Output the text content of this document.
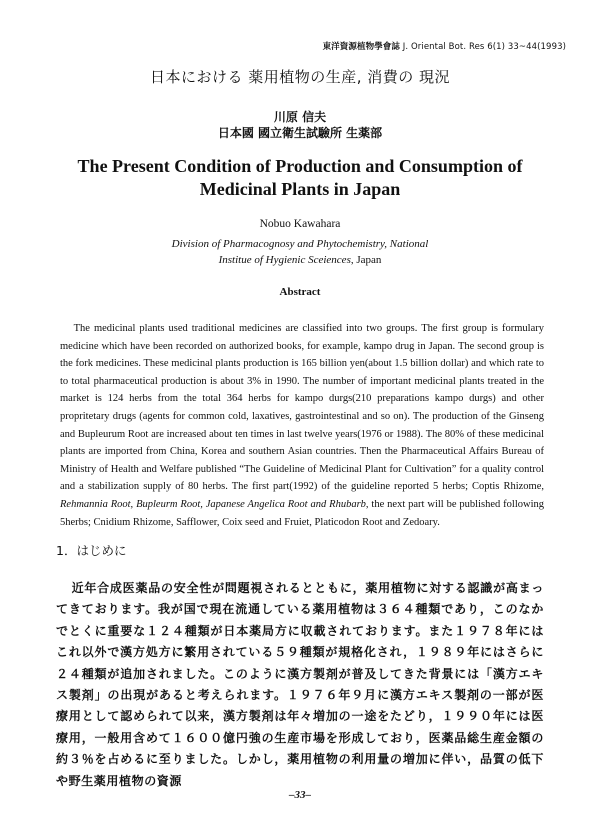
東洋資源植物學會誌 J. Oriental Bot. Res 6(1) 33~44(1993)
日本における 薬用植物の生産, 消費の 現況
川原 信夫
日本國 國立衛生試驗所 生薬部
The Present Condition of Production and Consumption of
Medicinal Plants in Japan
Nobuo Kawahara
Division of Pharmacognosy and Phytochemistry, National
Institue of Hygienic Sceiences, Japan
Abstract
The medicinal plants used traditional medicines are classified into two groups. The first group is formulary medicine which have been recorded on authorized books, for example, kampo drug in Japan. The second group is the fork medicines. These medicinal plants production is 165 billion yen(about 1.5 billion dollar) and which rate to to total pharmaceutical production is about 3% in 1990. The number of important medicinal plants treated in the market is 124 herbs from the total 364 herbs for kampo durgs(210 preparations kampo durgs) and other propritetary drugs (agents for common cold, laxatives, gastrointestinal and so on). The production of the Ginseng and Bupleurum Root are increased about ten times in last twelve years(1976 or 1988). The 80% of these medicinal plants are imported from China, Korea and southern Asian countries. Then the Pharmaceutical Affairs Bureau of Ministry of Health and Welfare published “The Guideline of Medicinal Plant for Cultivation” for a quality control and a stabilization supply of 80 herbs. The first part(1992) of the guideline reported 5 herbs; Coptis Rhizome, Rehmannia Root, Bupleurm Root, Japanese Angelica Root and Rhubarb, the next part will be published following 5herbs; Cnidium Rhizome, Safflower, Coix seed and Fruiet, Platicodon Root and Zedoary.
1．はじめに
近年合成医薬品の安全性が問題視されるとともに，薬用植物に対する認識が高まってきております。我が国で現在流通している薬用植物は３６４種類であり，このなかでとくに重要な１２４種類が日本薬局方に収載されております。また１９７８年にはこれ以外で漢方処方に繁用されている５９種類が規格化され，１９８９年にはさらに２４種類が追加されました。このように漢方製剤が普及してきた背景には「漢方エキス製剤」の出現があると考えられます。１９７６年９月に漢方エキス製剤の一部が医療用として認められて以来，漢方製剤は年々増加の一途をたどり，１９９０年には医療用，一般用含めて１６００億円強の生産市場を形成しており，医薬品総生産金額の約３％を占めるに至りました。しかし，薬用植物の利用量の増加に伴い，品質の低下や野生薬用植物の資源
–33–
